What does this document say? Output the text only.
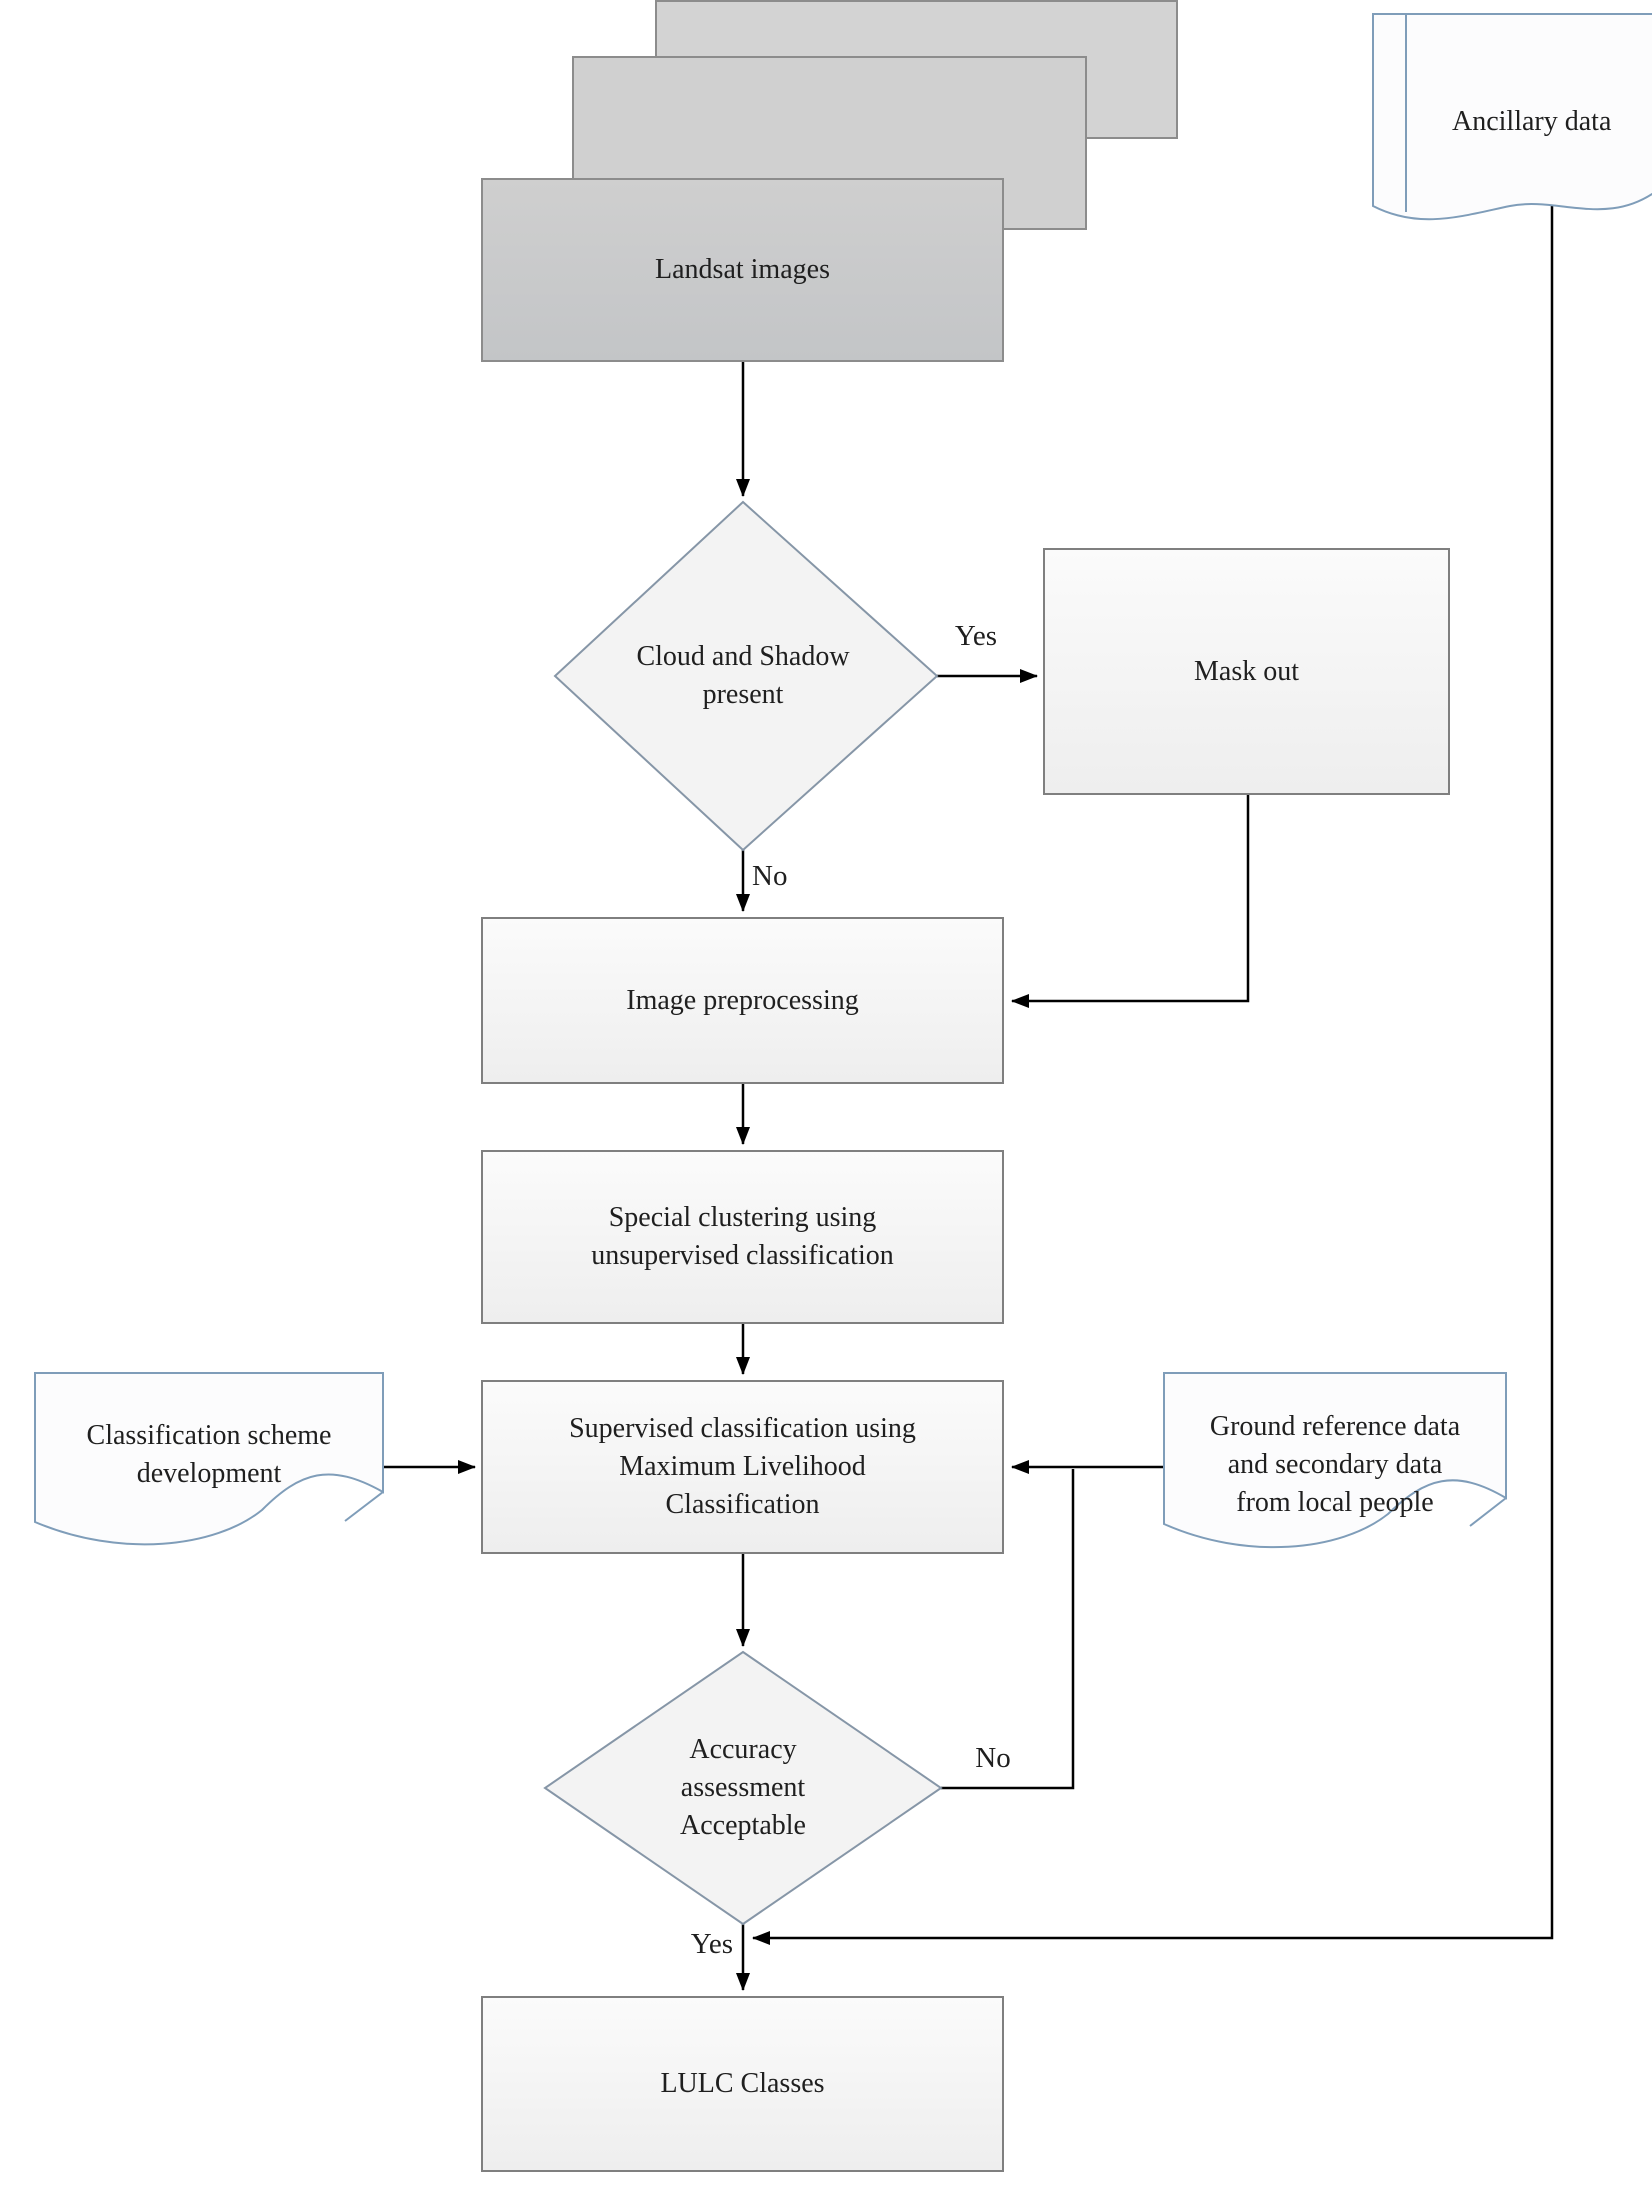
Landsat images
Mask out
Image preprocessing
Special clustering using
unsupervised classification
Supervised classification using
Maximum Livelihood
Classification
LULC Classes
Cloud and Shadow
present
Accuracy
assessment
Acceptable
Ancillary data
Classification scheme
development
Ground reference data
and secondary data
from local people
Yes
No
No
Yes
